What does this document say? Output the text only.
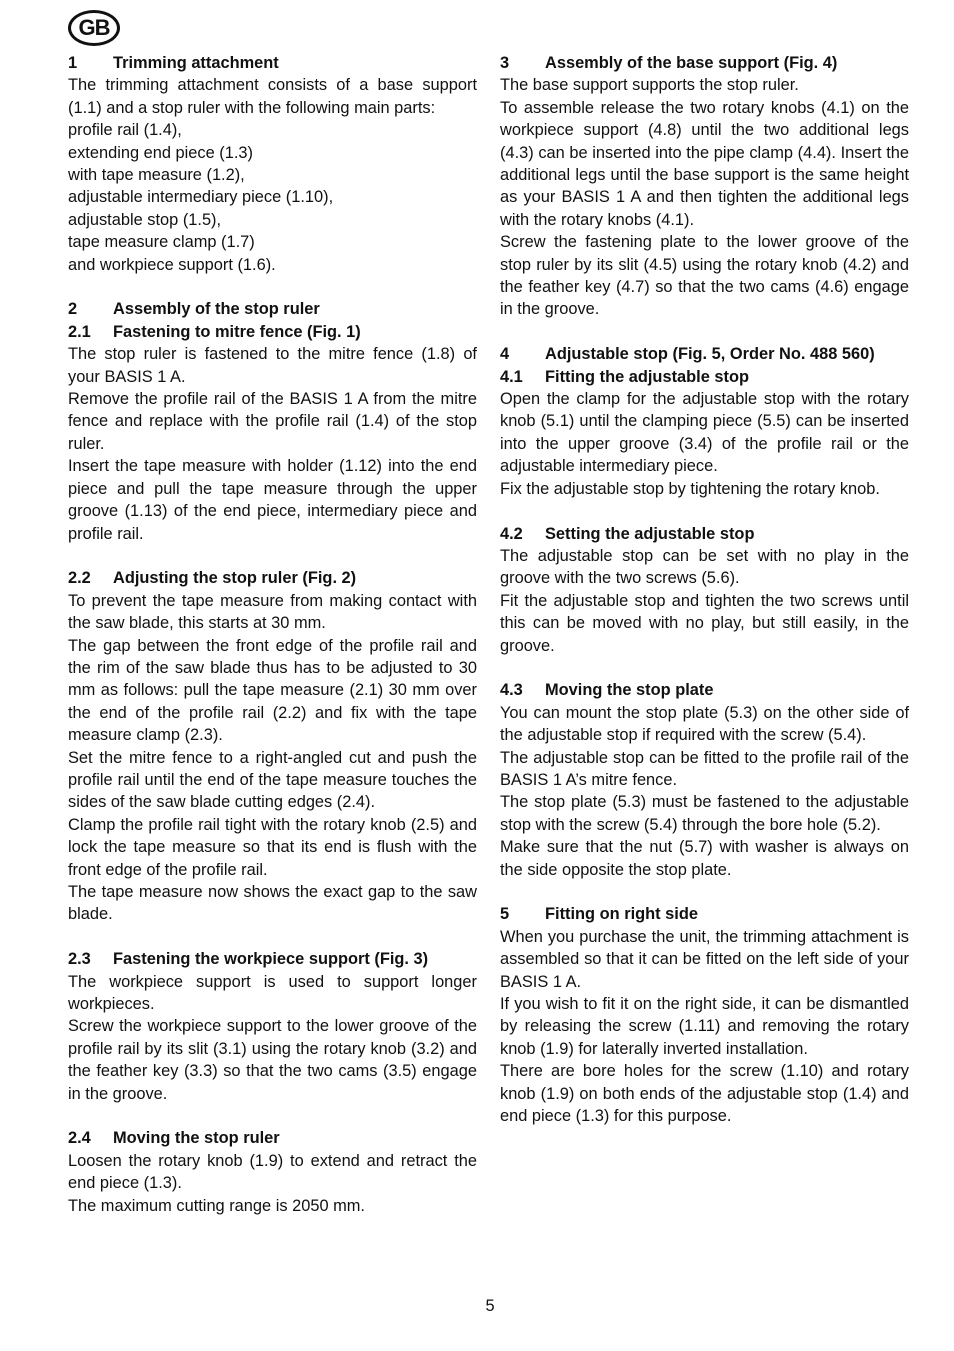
GB
1	Trimming attachment
The trimming attachment consists of a base support (1.1) and a stop ruler with the following main parts:
profile rail (1.4),
extending end piece (1.3)
with tape measure (1.2),
adjustable intermediary piece (1.10),
adjustable stop (1.5),
tape measure clamp (1.7)
and workpiece support (1.6).
2	Assembly of the stop ruler
2.1	Fastening to mitre fence (Fig. 1)
The stop ruler is fastened to the mitre fence (1.8) of your BASIS 1 A.
Remove the profile rail of the BASIS 1 A from the mitre fence and replace with the profile rail (1.4) of the stop ruler.
Insert the tape measure with holder (1.12) into the end piece and pull the tape measure through the upper groove (1.13) of the end piece, intermediary piece and profile rail.
2.2	Adjusting the stop ruler (Fig. 2)
To prevent the tape measure from making contact with the saw blade, this starts at 30 mm.
The gap between the front edge of the profile rail and the rim of the saw blade thus has to be adjusted to 30 mm as follows: pull the tape measure (2.1) 30 mm over the end of the profile rail (2.2) and fix with the tape measure clamp (2.3).
Set the mitre fence to a right-angled cut and push the profile rail until the end of the tape measure touches the sides of the saw blade cutting edges (2.4).
Clamp the profile rail tight with the rotary knob (2.5) and lock the tape measure so that its end is flush with the front edge of the profile rail.
The tape measure now shows the exact gap to the saw blade.
2.3	Fastening the workpiece support (Fig. 3)
The workpiece support is used to support longer workpieces.
Screw the workpiece support to the lower groove of the profile rail by its slit (3.1) using the rotary knob (3.2) and the feather key (3.3) so that the two cams (3.5) engage in the groove.
2.4	Moving the stop ruler
Loosen the rotary knob (1.9) to extend and retract the end piece (1.3).
The maximum cutting range is 2050 mm.
3	Assembly of the base support (Fig. 4)
The base support supports the stop ruler.
To assemble release the two rotary knobs (4.1) on the workpiece support (4.8) until the two additional legs (4.3) can be inserted into the pipe clamp (4.4). Insert the additional legs until the base support is the same height as your BASIS 1 A and then tighten the additional legs with the rotary knobs (4.1).
Screw the fastening plate to the lower groove of the stop ruler by its slit (4.5) using the rotary knob (4.2) and the feather key (4.7) so that the two cams (4.6) engage in the groove.
4	Adjustable stop (Fig. 5, Order No. 488 560)
4.1	Fitting the adjustable stop
Open the clamp for the adjustable stop with the rotary knob (5.1) until the clamping piece (5.5) can be inserted into the upper groove (3.4) of the profile rail or the adjustable intermediary piece.
Fix the adjustable stop by tightening the rotary knob.
4.2	Setting the adjustable stop
The adjustable stop can be set with no play in the groove with the two screws (5.6).
Fit the adjustable stop and tighten the two screws until this can be moved with no play, but still easily, in the groove.
4.3	Moving the stop plate
You can mount the stop plate (5.3) on the other side of the adjustable stop if required with the screw (5.4).
The adjustable stop can be fitted to the profile rail of the BASIS 1 A’s mitre fence.
The stop plate (5.3) must be fastened to the adjustable stop with the screw (5.4) through the bore hole (5.2).
Make sure that the nut (5.7) with washer is always on the side opposite the stop plate.
5	Fitting on right side
When you purchase the unit, the trimming attachment is assembled so that it can be fitted on the left side of your BASIS 1 A.
If you wish to fit it on the right side, it can be dismantled by releasing the screw (1.11) and removing the rotary knob (1.9) for laterally inverted installation.
There are bore holes for the screw (1.10) and rotary knob (1.9) on both ends of the adjustable stop (1.4) and end piece (1.3) for this purpose.
5
